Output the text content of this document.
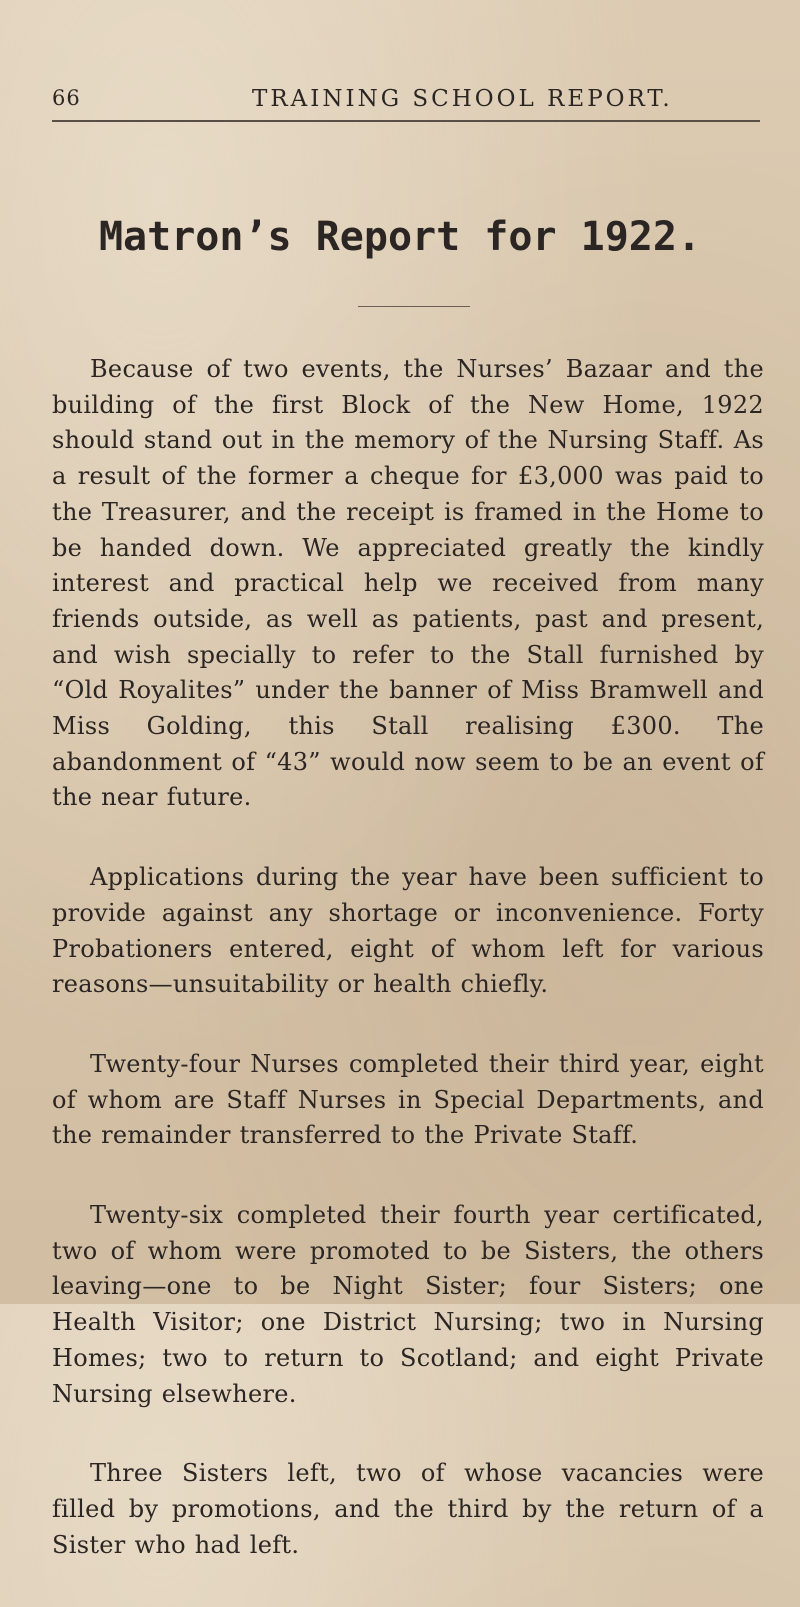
66	TRAINING SCHOOL REPORT.
Matron’s Report for 1922.

Because of two events, the Nurses’ Bazaar and the building of the first Block of the New Home, 1922 should stand out in the memory of the Nursing Staff. As a result of the former a cheque for £3,000 was paid to the Treasurer, and the receipt is framed in the Home to be handed down. We appreciated greatly the kindly interest and practical help we received from many friends outside, as well as patients, past and present, and wish specially to refer to the Stall furnished by “Old Royalites” under the banner of Miss Bramwell and Miss Golding, this Stall realising £300. The abandonment of “43” would now seem to be an event of the near future.

Applications during the year have been sufficient to provide against any shortage or inconvenience. Forty Probationers entered, eight of whom left for various reasons—unsuitability or health chiefly.

Twenty-four Nurses completed their third year, eight of whom are Staff Nurses in Special Departments, and the remainder transferred to the Private Staff.

Twenty-six completed their fourth year certificated, two of whom were promoted to be Sisters, the others leaving—one to be Night Sister; four Sisters; one Health Visitor; one District Nursing; two in Nursing Homes; two to return to Scotland; and eight Private Nursing elsewhere.

Three Sisters left, two of whose vacancies were filled by promotions, and the third by the return of a Sister who had left.
